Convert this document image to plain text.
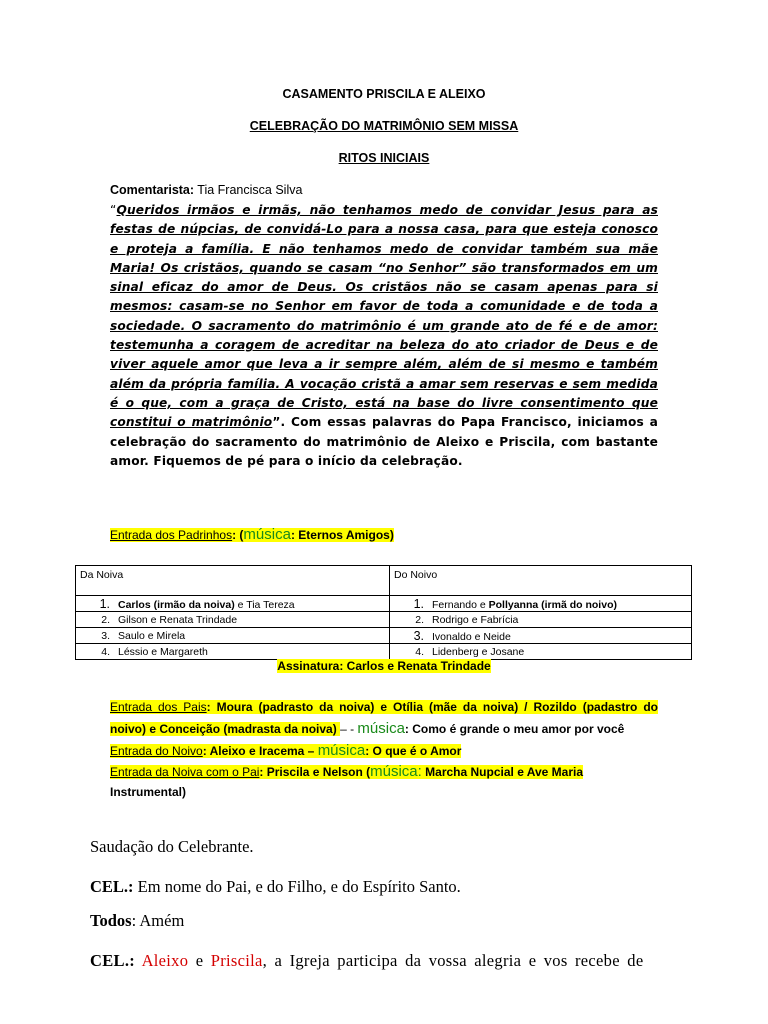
CASAMENTO PRISCILA E ALEIXO
CELEBRAÇÃO DO MATRIMÔNIO SEM MISSA
RITOS INICIAIS
Comentarista: Tia Francisca Silva
“Queridos irmãos e irmãs, não tenhamos medo de convidar Jesus para as festas de núpcias, de convidá-Lo para a nossa casa, para que esteja conosco e proteja a família. E não tenhamos medo de convidar também sua mãe Maria! Os cristãos, quando se casam “no Senhor” são transformados em um sinal eficaz do amor de Deus. Os cristãos não se casam apenas para si mesmos: casam-se no Senhor em favor de toda a comunidade e de toda a sociedade. O sacramento do matrimônio é um grande ato de fé e de amor: testemunha a coragem de acreditar na beleza do ato criador de Deus e de viver aquele amor que leva a ir sempre além, além de si mesmo e também além da própria família. A vocação cristã a amar sem reservas e sem medida é o que, com a graça de Cristo, está na base do livre consentimento que constitui o matrimônio”. Com essas palavras do Papa Francisco, iniciamos a celebração do sacramento do matrimônio de Aleixo e Priscila, com bastante amor. Fiquemos de pé para o início da celebração.
Entrada dos Padrinhos: (música: Eternos Amigos)
Da Noiva	Do Noivo
1. Carlos (irmão da noiva) e Tia Tereza	1. Fernando e Pollyanna (irmã do noivo)
2. Gilson e Renata Trindade	2. Rodrigo e Fabrícia
3. Saulo e Mirela	3. Ivonaldo e Neide
4. Léssio e Margareth	4. Lidenberg e Josane
Assinatura: Carlos e Renata Trindade

Entrada dos Pais: Moura (padrasto da noiva) e Otília (mãe da noiva) / Rozildo (padastro do noivo) e Conceição (madrasta da noiva) – - música: Como é grande o meu amor por você

Entrada do Noivo: Aleixo e Iracema – música: O que é o Amor

Entrada da Noiva com o Pai: Priscila e Nelson (música: Marcha Nupcial e Ave Maria
Instrumental)

Saudação do Celebrante.
CEL.: Em nome do Pai, e do Filho, e do Espírito Santo.
Todos: Amém
CEL.: Aleixo e Priscila, a Igreja participa da vossa alegria e vos recebe de
